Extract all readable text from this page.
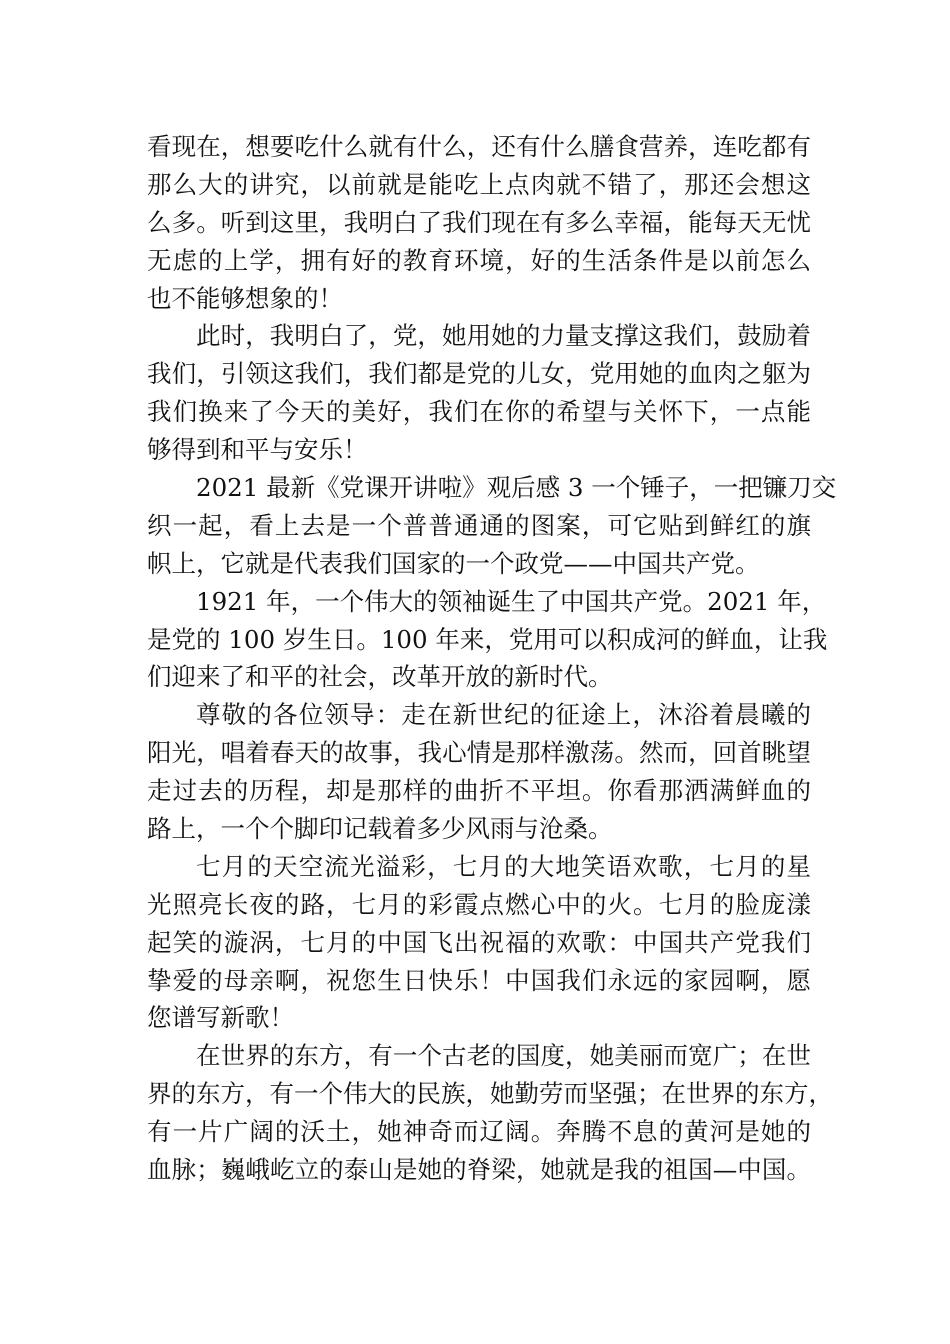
看现在，想要吃什么就有什么，还有什么膳食营养，连吃都有
那么大的讲究，以前就是能吃上点肉就不错了，那还会想这
么多。听到这里，我明白了我们现在有多么幸福，能每天无忧
无虑的上学，拥有好的教育环境，好的生活条件是以前怎么
也不能够想象的！
此时，我明白了，党，她用她的力量支撑这我们，鼓励着
我们，引领这我们，我们都是党的儿女，党用她的血肉之躯为
我们换来了今天的美好，我们在你的希望与关怀下，一点能
够得到和平与安乐！
2021 最新《党课开讲啦》观后感 3 一个锤子，一把镰刀交
织一起，看上去是一个普普通通的图案，可它贴到鲜红的旗
帜上，它就是代表我们国家的一个政党——中国共产党。
1921 年，一个伟大的领袖诞生了中国共产党。2021 年，
是党的 100 岁生日。100 年来，党用可以积成河的鲜血，让我
们迎来了和平的社会，改革开放的新时代。
尊敬的各位领导：走在新世纪的征途上，沐浴着晨曦的
阳光，唱着春天的故事，我心情是那样激荡。然而，回首眺望
走过去的历程，却是那样的曲折不平坦。你看那洒满鲜血的
路上，一个个脚印记载着多少风雨与沧桑。
七月的天空流光溢彩，七月的大地笑语欢歌，七月的星
光照亮长夜的路，七月的彩霞点燃心中的火。七月的脸庞漾
起笑的漩涡，七月的中国飞出祝福的欢歌：中国共产党我们
挚爱的母亲啊，祝您生日快乐！中国我们永远的家园啊，愿
您谱写新歌！
在世界的东方，有一个古老的国度，她美丽而宽广；在世
界的东方，有一个伟大的民族，她勤劳而坚强；在世界的东方，
有一片广阔的沃土，她神奇而辽阔。奔腾不息的黄河是她的
血脉；巍峨屹立的泰山是她的脊梁，她就是我的祖国—中国。
